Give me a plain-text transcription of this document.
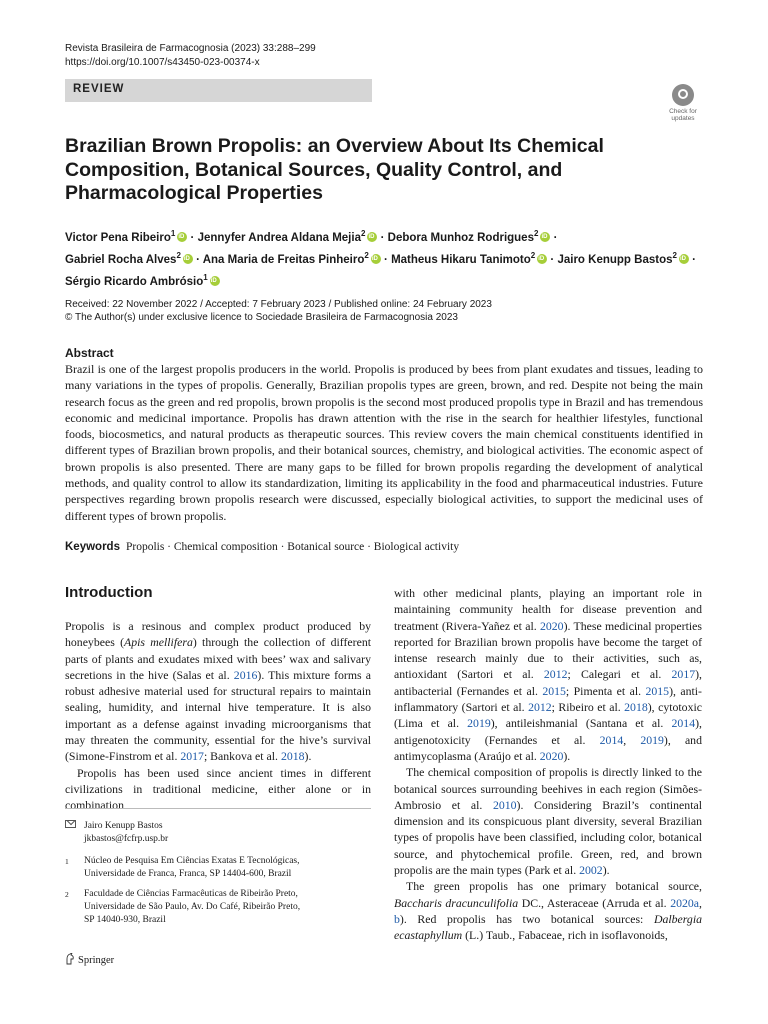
Revista Brasileira de Farmacognosia (2023) 33:288–299
https://doi.org/10.1007/s43450-023-00374-x
REVIEW
Check for updates
Brazilian Brown Propolis: an Overview About Its Chemical Composition, Botanical Sources, Quality Control, and Pharmacological Properties
Victor Pena Ribeiro$^1$iD · Jennyfer Andrea Aldana Mejia$^2$iD · Debora Munhoz Rodrigues$^2$iD ·
Gabriel Rocha Alves$^2$iD · Ana Maria de Freitas Pinheiro$^2$iD · Matheus Hikaru Tanimoto$^2$iD · Jairo Kenupp Bastos$^2$iD ·
Sérgio Ricardo Ambrósio$^1$iD
Received: 22 November 2022 / Accepted: 7 February 2023 / Published online: 24 February 2023
© The Author(s) under exclusive licence to Sociedade Brasileira de Farmacognosia 2023
Abstract
Brazil is one of the largest propolis producers in the world. Propolis is produced by bees from plant exudates and tissues, leading to many variations in the types of propolis. Generally, Brazilian propolis types are green, brown, and red. Despite not being the main research focus as the green and red propolis, brown propolis is the second most produced propolis type in Brazil and has tremendous economic and medicinal importance. Propolis has drawn attention with the rise in the search for healthier lifestyles, functional foods, biocosmetics, and natural products as therapeutic sources. This review covers the main chemical constituents identified in different types of Brazilian brown propolis, and their botanical sources, chemistry, and biological activities. The economic aspect of brown propolis is also presented. There are many gaps to be filled for brown propolis regarding the development of analytical methods, and quality control to allow its standardization, limiting its applicability in the food and pharmaceutical industries. Future perspectives regarding brown propolis research were discussed, especially biological activities, to support the medicinal uses of different types of brown propolis.
Keywords Propolis · Chemical composition · Botanical source · Biological activity
Introduction

Propolis is a resinous and complex product produced by honeybees (Apis mellifera) through the collection of different parts of plants and exudates mixed with bees’ wax and salivary secretions in the hive (Salas et al. 2016). This mixture forms a robust adhesive material used for structural repairs to maintain sealing, humidity, and internal hive temperature. It is also important as a defense against invading microorganisms that may threaten the community, essential for the hive’s survival (Simone-Finstrom et al. 2017; Bankova et al. 2018).

Propolis has been used since ancient times in different civilizations in traditional medicine, either alone or in combination

with other medicinal plants, playing an important role in maintaining community health for disease prevention and treatment (Rivera-Yañez et al. 2020). These medicinal properties reported for Brazilian brown propolis have become the target of intense research mainly due to their activities, such as, antioxidant (Sartori et al. 2012; Calegari et al. 2017), antibacterial (Fernandes et al. 2015; Pimenta et al. 2015), anti-inflammatory (Sartori et al. 2012; Ribeiro et al. 2018), cytotoxic (Lima et al. 2019), antileishmanial (Santana et al. 2014), antigenotoxicity (Fernandes et al. 2014, 2019), and antimycoplasma (Araújo et al. 2020).

The chemical composition of propolis is directly linked to the botanical sources surrounding beehives in each region (Simões-Ambrosio et al. 2010). Considering Brazil’s continental dimension and its conspicuous plant diversity, several Brazilian types of propolis have been classified, including color, botanical source, and phytochemical profile. Green, red, and brown propolis are the main types (Park et al. 2002).

The green propolis has one primary botanical source, Baccharis dracunculifolia DC., Asteraceae (Arruda et al. 2020a, b). Red propolis has two botanical sources: Dalbergia ecastaphyllum (L.) Taub., Fabaceae, rich in isoflavonoids,

Jairo Kenupp Bastos
jkbastos@fcfrp.usp.br
1 Núcleo de Pesquisa Em Ciências Exatas E Tecnológicas,
Universidade de Franca, Franca, SP 14404-600, Brazil
2 Faculdade de Ciências Farmacêuticas de Ribeirão Preto,
Universidade de São Paulo, Av. Do Café, Ribeirão Preto,
SP 14040-930, Brazil
Springer
